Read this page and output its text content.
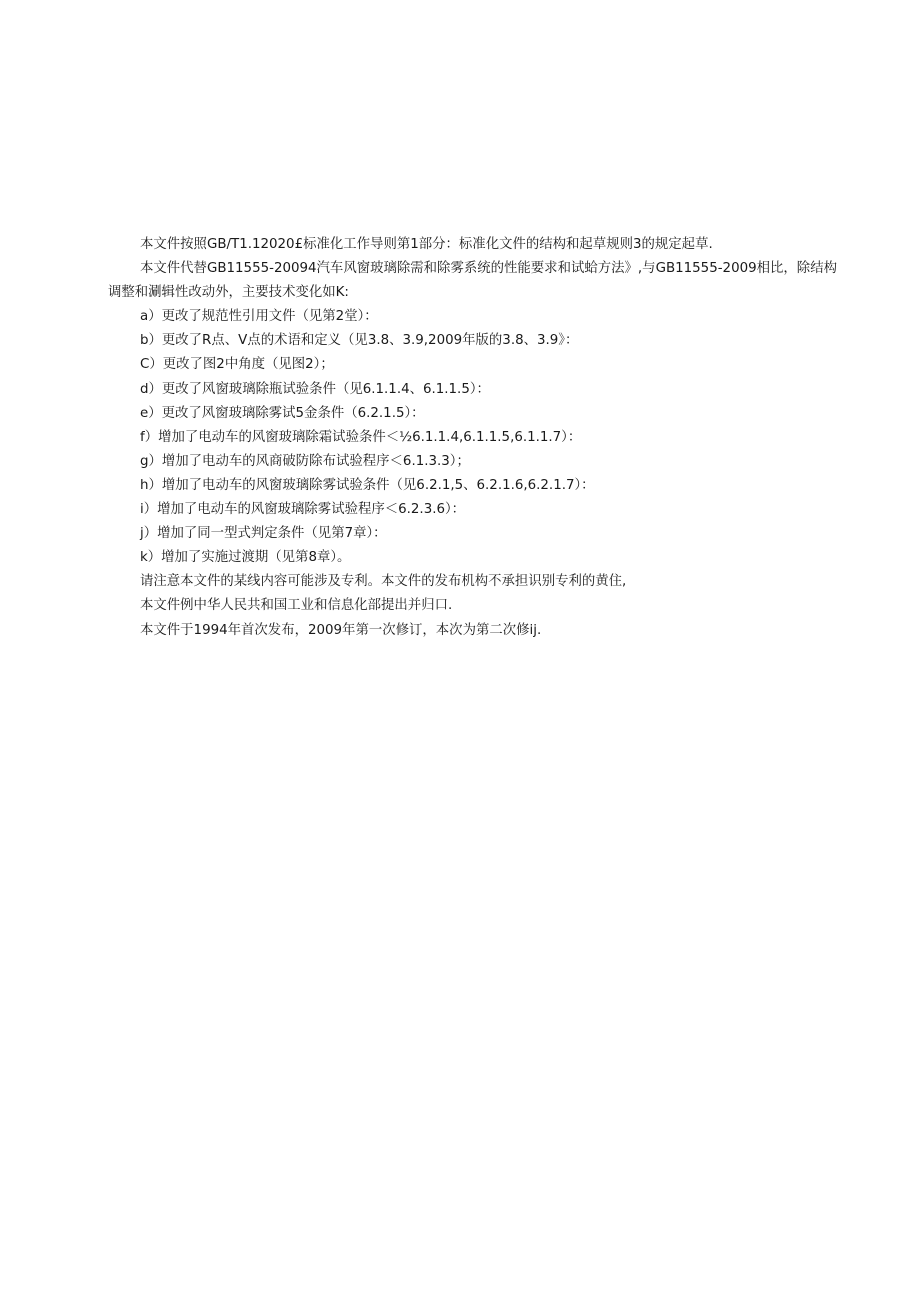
本文件按照GB/T1.12020£标准化工作导则第1部分：标准化文件的结构和起草规则3的规定起草.

本文件代替GB11555-20094汽车风窗玻璃除需和除雾系统的性能要求和试蛤方法》,与GB11555-2009相比，除结构调整和涮辑性改动外，主要技术变化如K:

a）更改了规范性引用文件（见第2堂）：
b）更改了R点、V点的术语和定义（见3.8、3.9,2009年版的3.8、3.9》：
C）更改了图2中角度（见图2）；
d）更改了风窗玻璃除瓶试验条件（见6.1.1.4、6.1.1.5）：
e）更改了风窗玻璃除雾试5金条件（6.2.1.5）：
f）增加了电动车的风窗玻璃除霜试验条件＜½6.1.1.4,6.1.1.5,6.1.1.7）：
g）增加了电动车的风商破防除布试验程序＜6.1.3.3）；
h）增加了电动车的风窗玻璃除雾试验条件（见6.2.1,5、6.2.1.6,6.2.1.7）：
i）增加了电动车的风窗玻璃除雾试验程序＜6.2.3.6）：
j）增加了同一型式判定条件（见第7章）：
k）增加了实施过渡期（见第8章）。

请注意本文件的某线内容可能涉及专利。本文件的发布机构不承担识别专利的黄住,

本文件例中华人民共和国工业和信息化部提出并归口.

本文件于1994年首次发布，2009年第一次修订，本次为第二次修ij.
